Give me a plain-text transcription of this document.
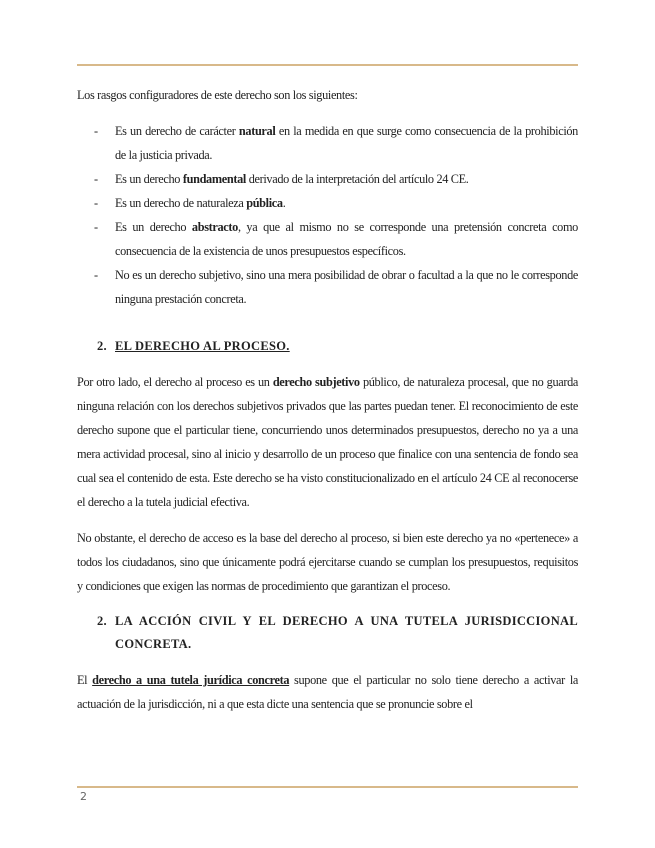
Los rasgos configuradores de este derecho son los siguientes:

- Es un derecho de carácter natural en la medida en que surge como consecuencia de la prohibición de la justicia privada.
- Es un derecho fundamental derivado de la interpretación del artículo 24 CE.
- Es un derecho de naturaleza pública.
- Es un derecho abstracto, ya que al mismo no se corresponde una pretensión concreta como consecuencia de la existencia de unos presupuestos específicos.
- No es un derecho subjetivo, sino una mera posibilidad de obrar o facultad a la que no le corresponde ninguna prestación concreta.
2. EL DERECHO AL PROCESO.

Por otro lado, el derecho al proceso es un derecho subjetivo público, de naturaleza procesal, que no guarda ninguna relación con los derechos subjetivos privados que las partes puedan tener. El reconocimiento de este derecho supone que el particular tiene, concurriendo unos determinados presupuestos, derecho no ya a una mera actividad procesal, sino al inicio y desarrollo de un proceso que finalice con una sentencia de fondo sea cual sea el contenido de esta. Este derecho se ha visto constitucionalizado en el artículo 24 CE al reconocerse el derecho a la tutela judicial efectiva.

No obstante, el derecho de acceso es la base del derecho al proceso, si bien este derecho ya no «pertenece» a todos los ciudadanos, sino que únicamente podrá ejercitarse cuando se cumplan los presupuestos, requisitos y condiciones que exigen las normas de procedimiento que garantizan el proceso.

2. LA ACCIÓN CIVIL Y EL DERECHO A UNA TUTELA JURISDICCIONAL CONCRETA.

El derecho a una tutela jurídica concreta supone que el particular no solo tiene derecho a activar la actuación de la jurisdicción, ni a que esta dicte una sentencia que se pronuncie sobre el

2
